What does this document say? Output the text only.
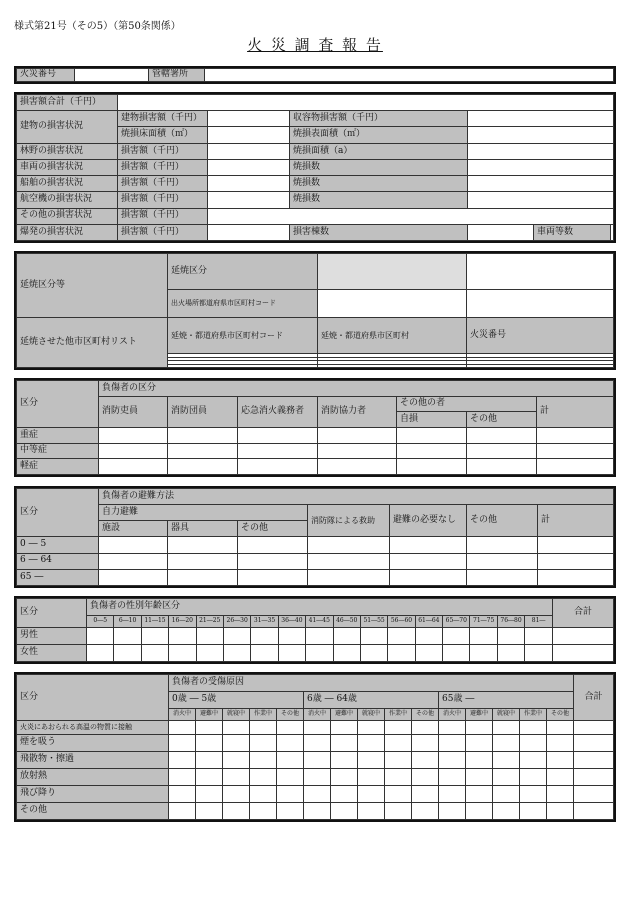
様式第21号（その5）（第50条関係）
火 災 調 査 報 告
火災番号		管轄署所	
損害額合計（千円）						
建物の損害状況	建物損害額（千円）		収容物損害額（千円）			
	焼損床面積（㎡）		焼損表面積（㎡）			
林野の損害状況	損害額（千円）		焼損面積（a）			
車両の損害状況	損害額（千円）		焼損数			
船舶の損害状況	損害額（千円）		焼損数			
航空機の損害状況	損害額（千円）		焼損数			
その他の損害状況	損害額（千円）					
爆発の損害状況	損害額（千円）		損害棟数		車両等数	
延焼区分等	延焼区分		
	出火場所都道府県市区町村コード		
延焼させた他市区町村リスト	延焼・都道府県市区町村コード	延焼・都道府県市区町村	火災番号

区分	負傷者の区分						
	消防吏員	消防団員	応急消火義務者	消防協力者	その他の者		計
					自損	その他	
重症							
中等症							
軽症							
区分	負傷者の避難方法						
	自力避難			消防隊による救助	避難の必要なし	その他	計
	施設	器具	その他				
0 ― 5							
6 ― 64							
65 ―							
区分	負傷者の性別年齢区分																	合計
	0―5	6―10	11―15	16―20	21―25	26―30	31―35	36―40	41―45	46―50	51―55	56―60	61―64	65―70	71―75	76―80	81―	
男性																		
女性																		
区分	負傷者の受傷原因															合計
	0歳 ― 5歳					6歳 ― 64歳					65歳 ―					
	消火中	避難中	就寝中	作業中	その他	消火中	避難中	就寝中	作業中	その他	消火中	避難中	就寝中	作業中	その他	
火炎にあおられる高温の物質に接触																
煙を吸う																
飛散物・擦過																
放射熱																
飛び降り																
その他																
